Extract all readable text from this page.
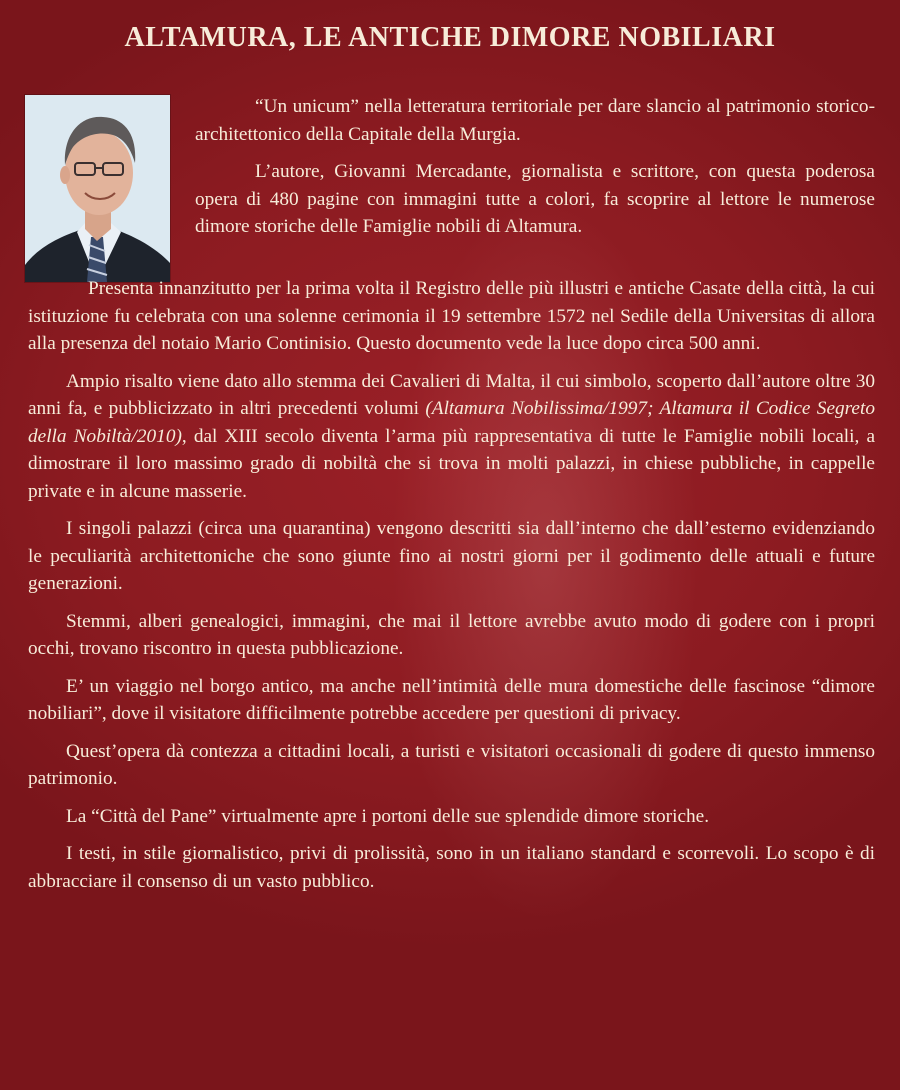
ALTAMURA, LE ANTICHE DIMORE NOBILIARI

“Un unicum” nella letteratura territoriale per dare slancio al patrimonio storico-architettonico della Capitale della Murgia.

L’autore, Giovanni Mercadante, giornalista e scrittore, con questa poderosa opera di 480 pagine con immagini tutte a colori, fa scoprire al lettore le numerose dimore storiche delle Famiglie nobili di Altamura.

Presenta innanzitutto per la prima volta il Registro delle più illustri e antiche Casate della città, la cui istituzione fu celebrata con una solenne cerimonia il 19 settembre 1572 nel Sedile della Universitas di allora alla presenza del notaio Mario Continisio. Questo documento vede la luce dopo circa 500 anni.

Ampio risalto viene dato allo stemma dei Cavalieri di Malta, il cui simbolo, scoperto dall’autore oltre 30 anni fa, e pubblicizzato in altri precedenti volumi (Altamura Nobilissima/1997; Altamura il Codice Segreto della Nobiltà/2010), dal XIII secolo diventa l’arma più rappresentativa di tutte le Famiglie nobili locali, a dimostrare il loro massimo grado di nobiltà che si trova in molti palazzi, in chiese pubbliche, in cappelle private e in alcune masserie.

I singoli palazzi (circa una quarantina) vengono descritti sia dall’interno che dall’esterno evidenziando le peculiarità architettoniche che sono giunte fino ai nostri giorni per il godimento delle attuali e future generazioni.

Stemmi, alberi genealogici, immagini, che mai il lettore avrebbe avuto modo di godere con i propri occhi, trovano riscontro in questa pubblicazione.

E’ un viaggio nel borgo antico, ma anche nell’intimità delle mura domestiche delle fascinose “dimore nobiliari”, dove il visitatore difficilmente potrebbe accedere per questioni di privacy.

Quest’opera dà contezza a cittadini locali, a turisti e visitatori occasionali di godere di questo immenso patrimonio.

La “Città del Pane” virtualmente apre i portoni delle sue splendide dimore storiche.

I testi, in stile giornalistico, privi di prolissità, sono in un italiano standard e scorrevoli. Lo scopo è di abbracciare il consenso di un vasto pubblico.
